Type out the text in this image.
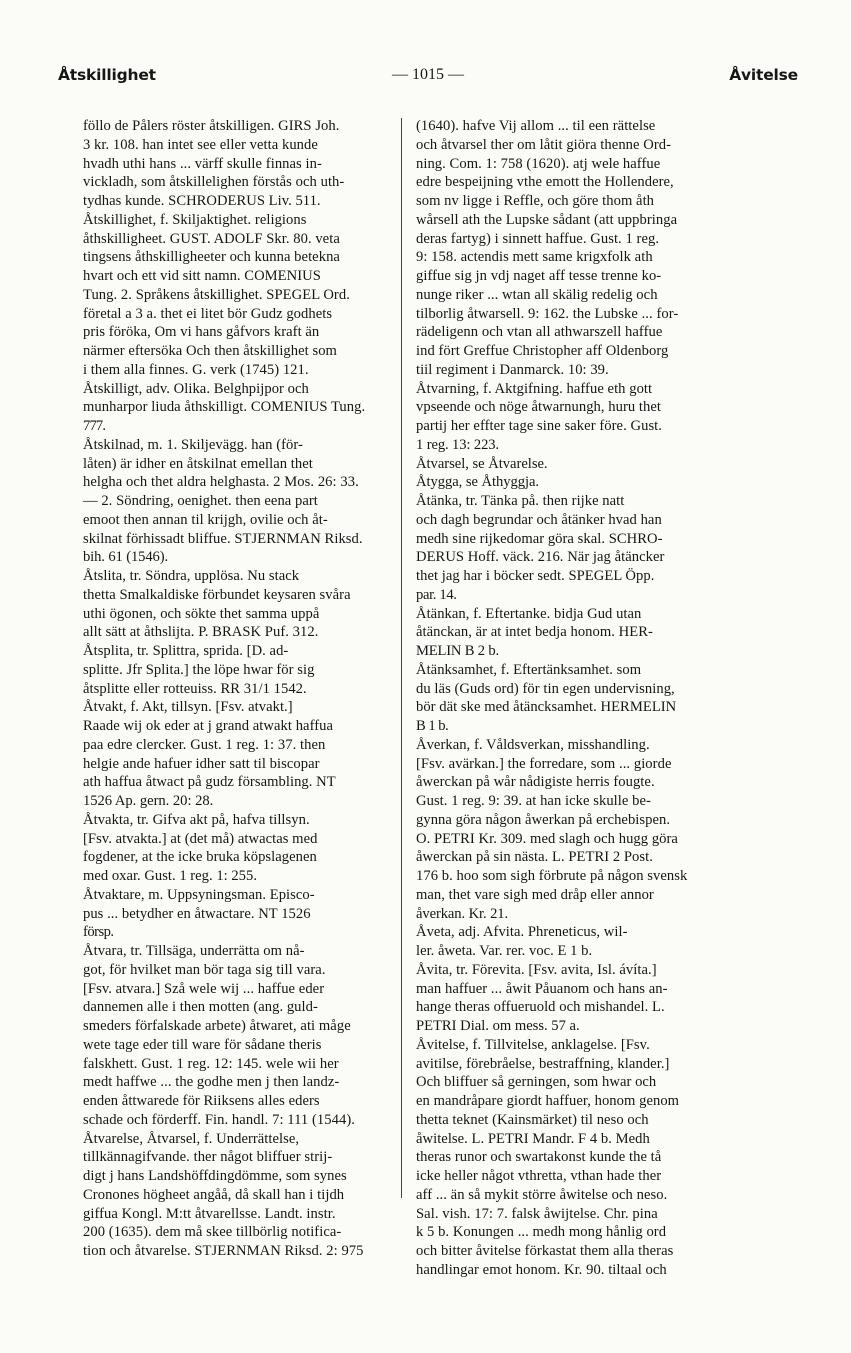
Åtskillighet	— 1015 —	Åvitelse
föllo de Pålers röster åtskilligen. GIRS Joh.
3 kr. 108. han intet see eller vetta kunde
hvadh uthi hans ... värff skulle finnas in-
vickladh, som åtskillelighen förstås och uth-
tydhas kunde. SCHRODERUS Liv. 511.
Åtskillighet, f. Skiljaktighet. religions
åthskilligheet. GUST. ADOLF Skr. 80. veta
tingsens åthskilligheeter och kunna betekna
hvart och ett vid sitt namn. COMENIUS
Tung. 2. Språkens åtskillighet. SPEGEL Ord.
företal a 3 a. thet ei litet bör Gudz godhets
pris föröka, Om vi hans gåfvors kraft än
närmer eftersöka Och then åtskillighet som
i them alla finnes. G. verk (1745) 121.
Åtskilligt, adv. Olika. Belghpijpor och
munharpor liuda åthskilligt. COMENIUS Tung.
777.
Åtskilnad, m. 1. Skiljevägg. han (för-
låten) är idher en åtskilnat emellan thet
helgha och thet aldra helghasta. 2 Mos. 26: 33.
— 2. Söndring, oenighet. then eena part
emoot then annan til krijgh, ovilie och åt-
skilnat förhissadt bliffue. STJERNMAN Riksd.
bih. 61 (1546).
Åtslita, tr. Söndra, upplösa. Nu stack
thetta Smalkaldiske förbundet keysaren svåra
uthi ögonen, och sökte thet samma uppå
allt sätt at åthslijta. P. BRASK Puf. 312.
Åtsplita, tr. Splittra, sprida. [D. ad-
splitte. Jfr Splita.] the löpe hwar för sig
åtsplitte eller rotteuiss. RR 31/1 1542.
Åtvakt, f. Akt, tillsyn. [Fsv. atvakt.]
Raade wij ok eder at j grand atwakt haffua
paa edre clercker. Gust. 1 reg. 1: 37. then
helgie ande hafuer idher satt til biscopar
ath haffua åtwact på gudz försambling. NT
1526 Ap. gern. 20: 28.
Åtvakta, tr. Gifva akt på, hafva tillsyn.
[Fsv. atvakta.] at (det må) atwactas med
fogdener, at the icke bruka köpslagenen
med oxar. Gust. 1 reg. 1: 255.
Åtvaktare, m. Uppsyningsman. Episco-
pus ... betydher en åtwactare. NT 1526
försp.
Åtvara, tr. Tillsäga, underrätta om nå-
got, för hvilket man bör taga sig till vara.
[Fsv. atvara.] Szå wele wij ... haffue eder
dannemen alle i then motten (ang. guld-
smeders förfalskade arbete) åtwaret, ati måge
wete tage eder till ware för sådane theris
falskhett. Gust. 1 reg. 12: 145. wele wii her
medt haffwe ... the godhe men j then landz-
enden åttwarede för Riiksens alles eders
schade och förderff. Fin. handl. 7: 111 (1544).
Åtvarelse, Åtvarsel, f. Underrättelse,
tillkännagifvande. ther något bliffuer strij-
digt j hans Landshöffdingdömme, som synes
Cronones högheet angåå, då skall han i tijdh
giffua Kongl. M:tt åtvarellsse. Landt. instr.
200 (1635). dem må skee tillbörlig notifica-
tion och åtvarelse. STJERNMAN Riksd. 2: 975
(1640). hafve Vij allom ... til een rättelse
och åtvarsel ther om låtit giöra thenne Ord-
ning. Com. 1: 758 (1620). atj wele haffue
edre bespeijning vthe emott the Hollendere,
som nv ligge i Reffle, och göre thom åth
wårsell ath the Lupske sådant (att uppbringa
deras fartyg) i sinnett haffue. Gust. 1 reg.
9: 158. actendis mett same krigxfolk ath
giffue sig jn vdj naget aff tesse trenne ko-
nunge riker ... wtan all skälig redelig och
tilborlig åtwarsell. 9: 162. the Lubske ... for-
rädeligenn och vtan all athwarszell haffue
ind fört Greffue Christopher aff Oldenborg
tiil regiment i Danmarck. 10: 39.
Åtvarning, f. Aktgifning. haffue eth gott
vpseende och nöge åtwarnungh, huru thet
partij her effter tage sine saker före. Gust.
1 reg. 13: 223.
Åtvarsel, se Åtvarelse.
Åtygga, se Åthyggja.
Åtänka, tr. Tänka på. then rijke natt
och dagh begrundar och åtänker hvad han
medh sine rijkedomar göra skal. SCHRO-
DERUS Hoff. väck. 216. När jag åtäncker
thet jag har i böcker sedt. SPEGEL Öpp.
par. 14.
Åtänkan, f. Eftertanke. bidja Gud utan
åtänckan, är at intet bedja honom. HER-
MELIN B 2 b.
Åtänksamhet, f. Eftertänksamhet. som
du läs (Guds ord) för tin egen undervisning,
bör dät ske med åtäncksamhet. HERMELIN
B 1 b.
Åverkan, f. Våldsverkan, misshandling.
[Fsv. avärkan.] the forredare, som ... giorde
åwerckan på wår nådigiste herris fougte.
Gust. 1 reg. 9: 39. at han icke skulle be-
gynna göra någon åwerkan på erchebispen.
O. PETRI Kr. 309. med slagh och hugg göra
åwerckan på sin nästa. L. PETRI 2 Post.
176 b. hoo som sigh förbrute på någon svensk
man, thet vare sigh med dråp eller annor
åverkan. Kr. 21.
Åveta, adj. Afvita. Phreneticus, wil-
ler. åweta. Var. rer. voc. E 1 b.
Åvita, tr. Förevita. [Fsv. avita, Isl. ávíta.]
man haffuer ... åwit Påuanom och hans an-
hange theras offueruold och mishandel. L.
PETRI Dial. om mess. 57 a.
Åvitelse, f. Tillvitelse, anklagelse. [Fsv.
avitilse, förebråelse, bestraffning, klander.]
Och bliffuer så gerningen, som hwar och
en mandråpare giordt haffuer, honom genom
thetta teknet (Kainsmärket) til neso och
åwitelse. L. PETRI Mandr. F 4 b. Medh
theras runor och swartakonst kunde the tå
icke heller något vthretta, vthan hade ther
aff ... än så mykit större åwitelse och neso.
Sal. vish. 17: 7. falsk åwijtelse. Chr. pina
k 5 b. Konungen ... medh mong hånlig ord
och bitter åvitelse förkastat them alla theras
handlingar emot honom. Kr. 90. tiltaal och
